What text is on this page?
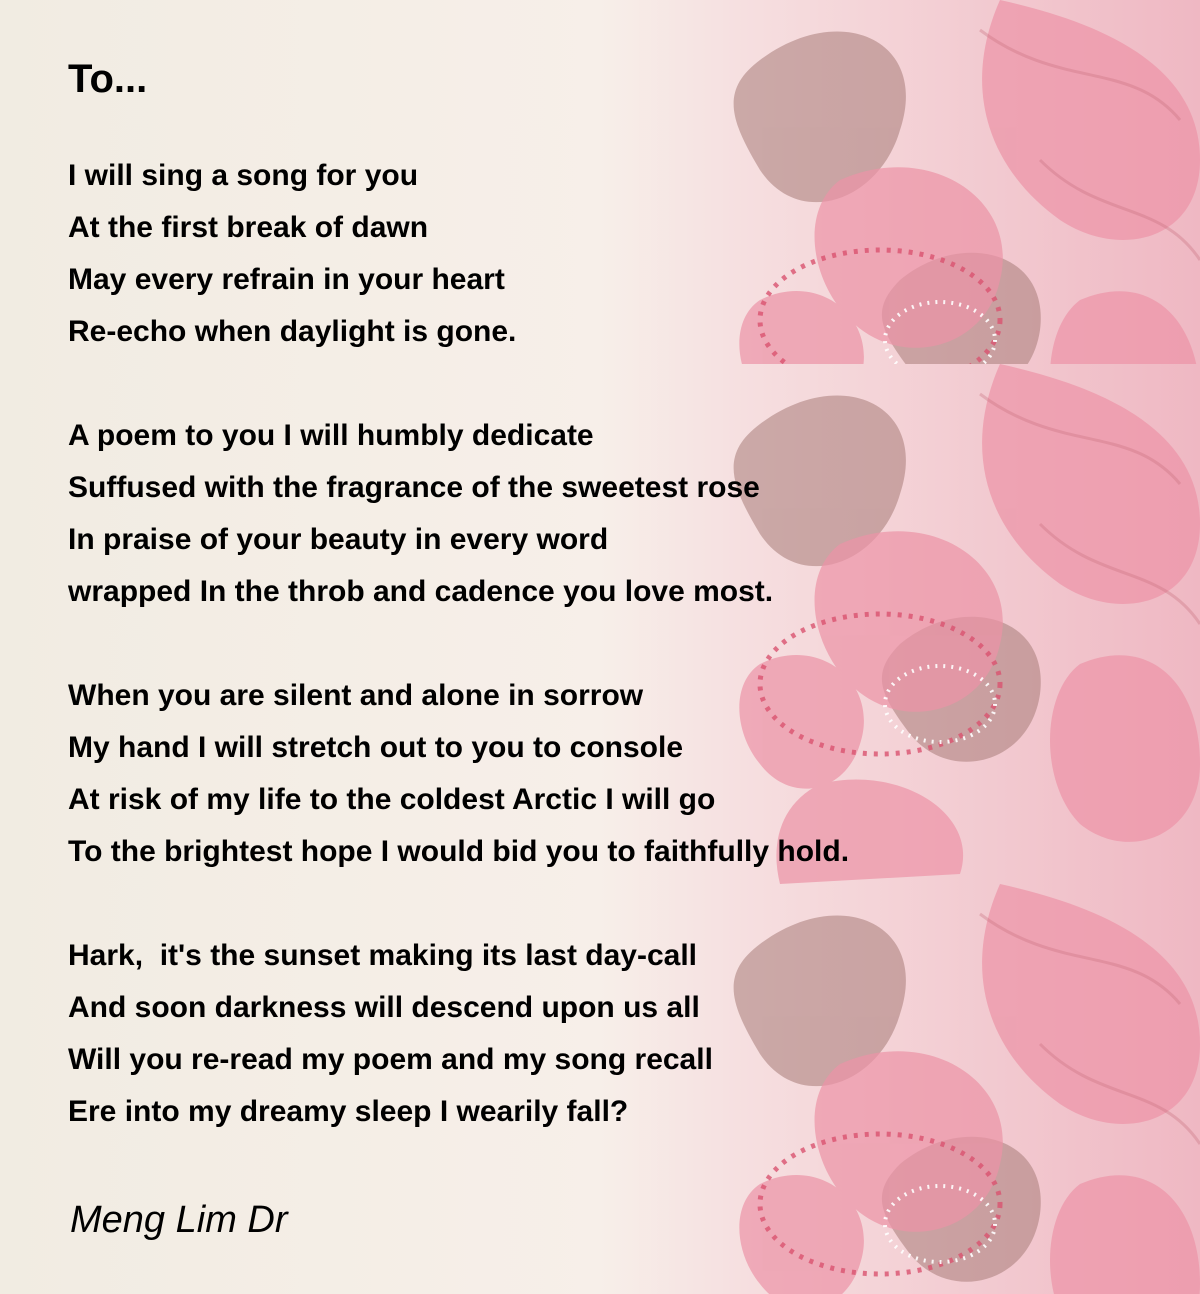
To...
I will sing a song for you
At the first break of dawn
May every refrain in your heart
Re-echo when daylight is gone.
A poem to you I will humbly dedicate
Suffused with the fragrance of the sweetest rose
In praise of your beauty in every word
wrapped In the throb and cadence you love most.
When you are silent and alone in sorrow
My hand I will stretch out to you to console
At risk of my life to the coldest Arctic I will go
To the brightest hope I would bid you to faithfully hold.
Hark,  it's the sunset making its last day-call
And soon darkness will descend upon us all
Will you re-read my poem and my song recall
Ere into my dreamy sleep I wearily fall?

Meng Lim Dr
